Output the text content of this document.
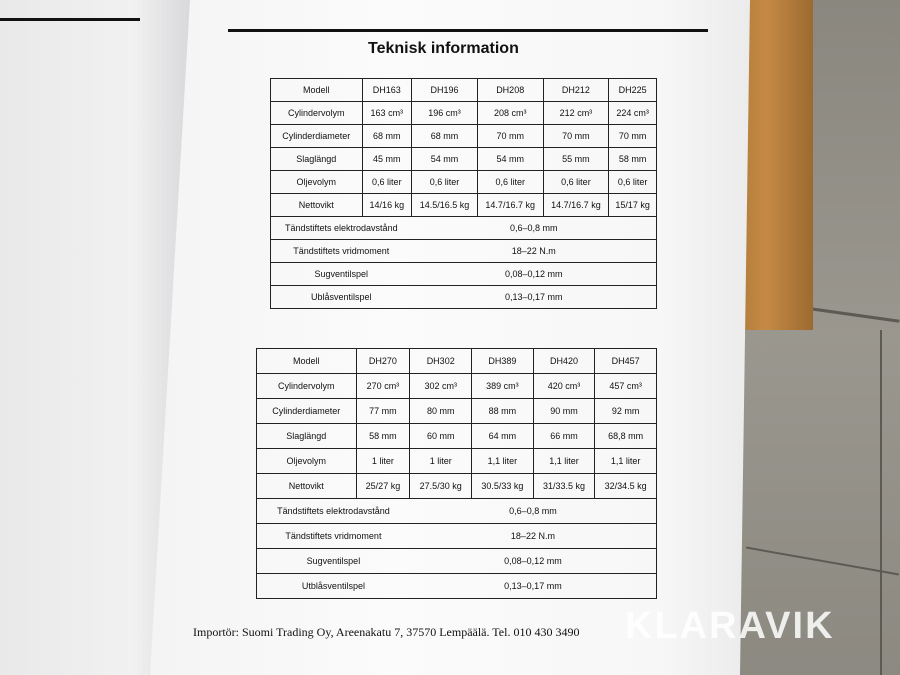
Teknisk information
Modell	DH163	DH196	DH208	DH212	DH225
Cylindervolym	163 cm³	196 cm³	208 cm³	212 cm³	224 cm³
Cylinderdiameter	68 mm	68 mm	70 mm	70 mm	70 mm
Slaglängd	45 mm	54 mm	54 mm	55 mm	58 mm
Oljevolym	0,6 liter	0,6 liter	0,6 liter	0,6 liter	0,6 liter
Nettovikt	14/16 kg	14.5/16.5 kg	14.7/16.7 kg	14.7/16.7 kg	15/17 kg
Tändstiftets elektrodavstånd		0,6–0,8 mm			
Tändstiftets vridmoment		18–22 N.m			
Sugventilspel		0,08–0,12 mm			
Ublåsventilspel		0,13–0,17 mm			
Modell	DH270	DH302	DH389	DH420	DH457
Cylindervolym	270 cm³	302 cm³	389 cm³	420 cm³	457 cm³
Cylinderdiameter	77 mm	80 mm	88 mm	90 mm	92 mm
Slaglängd	58 mm	60 mm	64 mm	66 mm	68,8 mm
Oljevolym	1 liter	1 liter	1,1 liter	1,1 liter	1,1 liter
Nettovikt	25/27 kg	27.5/30 kg	30.5/33 kg	31/33.5 kg	32/34.5 kg
Tändstiftets elektrodavstånd		0,6–0,8 mm			
Tändstiftets vridmoment		18–22 N.m			
Sugventilspel		0,08–0,12 mm			
Utblåsventilspel		0,13–0,17 mm			
Importör: Suomi Trading Oy, Areenakatu 7, 37570 Lempäälä. Tel. 010 430 3490 KLARAVIK
